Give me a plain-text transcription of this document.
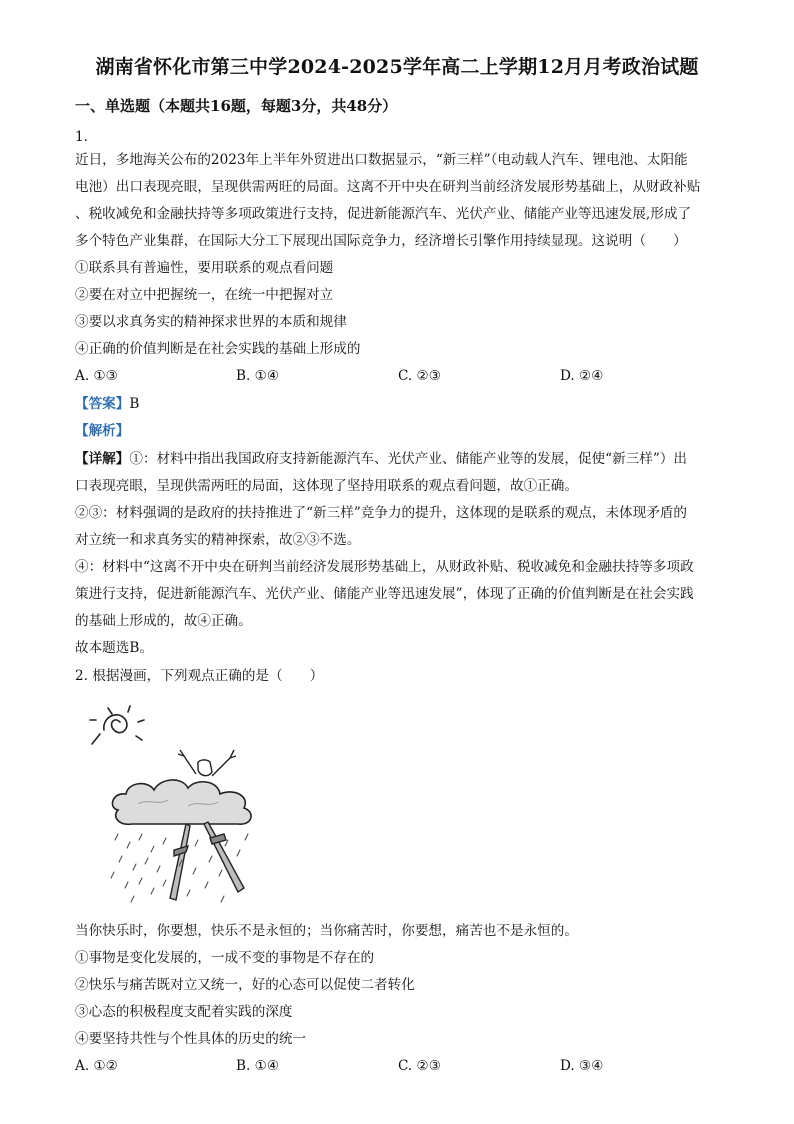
湖南省怀化市第三中学2024-2025学年高二上学期12月月考政治试题
一、单选题（本题共16题，每题3分，共48分）
1.
近日，多地海关公布的2023年上半年外贸进出口数据显示，“新三样”（电动载人汽车、锂电池、太阳能
电池）出口表现亮眼，呈现供需两旺的局面。这离不开中央在研判当前经济发展形势基础上，从财政补贴
、税收减免和金融扶持等多项政策进行支持，促进新能源汽车、光伏产业、储能产业等迅速发展,形成了
多个特色产业集群，在国际大分工下展现出国际竞争力，经济增长引擎作用持续显现。这说明（　　）
①联系具有普遍性，要用联系的观点看问题
②要在对立中把握统一，在统一中把握对立
③要以求真务实的精神探求世界的本质和规律
④正确的价值判断是在社会实践的基础上形成的
A. ①③	B. ①④	C. ②③	D. ②④
【答案】B
【解析】
【详解】①：材料中指出我国政府支持新能源汽车、光伏产业、储能产业等的发展，促使“新三样”）出
口表现亮眼，呈现供需两旺的局面，这体现了坚持用联系的观点看问题，故①正确。
②③：材料强调的是政府的扶持推进了“新三样”竞争力的提升，这体现的是联系的观点，未体现矛盾的
对立统一和求真务实的精神探索，故②③不选。
④：材料中“这离不开中央在研判当前经济发展形势基础上，从财政补贴、税收减免和金融扶持等多项政
策进行支持，促进新能源汽车、光伏产业、储能产业等迅速发展”，体现了正确的价值判断是在社会实践
的基础上形成的，故④正确。
故本题选B。
2. 根据漫画，下列观点正确的是（　　）
当你快乐时，你要想，快乐不是永恒的；当你痛苦时，你要想，痛苦也不是永恒的。
①事物是变化发展的，一成不变的事物是不存在的
②快乐与痛苦既对立又统一，好的心态可以促使二者转化
③心态的积极程度支配着实践的深度
④要坚持共性与个性具体的历史的统一
A. ①②	B. ①④	C. ②③	D. ③④
